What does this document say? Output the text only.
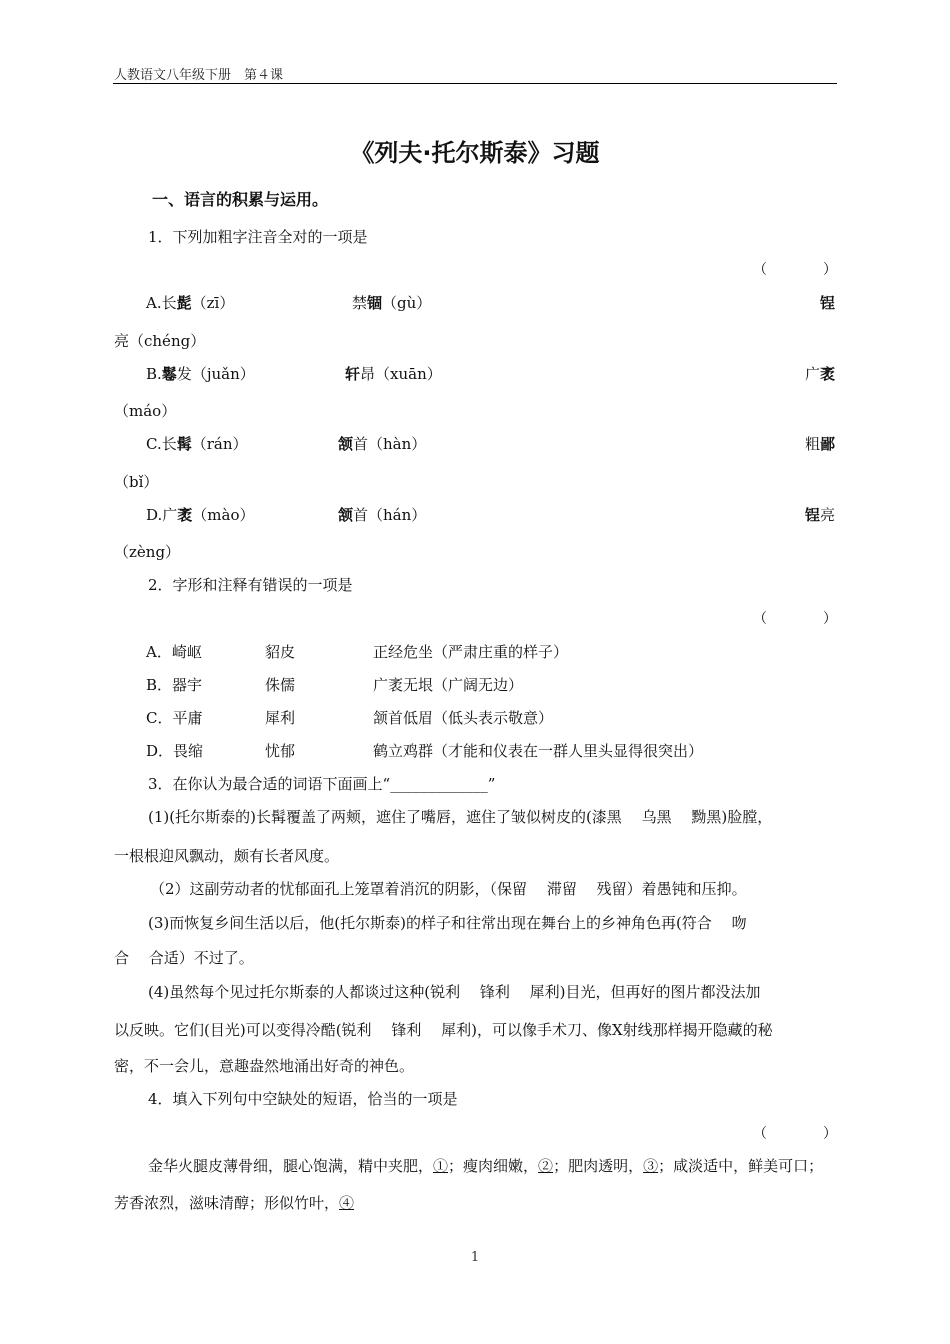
人教语文八年级下册　第４课
《列夫·托尔斯泰》习题
一、语言的积累与运用。
1．下列加粗字注音全对的一项是
（　　　　）
A.长髭（zī）	禁锢（gù）	锃
亮（chéng）
B.鬈发（juǎn）	轩昂（xuān）	广袤
（máo）
C.长髯（rán）	颔首（hàn）	粗鄙
（bǐ）
D.广袤（mào）	颔首（hán）	锃亮
（zèng）
2．字形和注释有错误的一项是
（　　　　）
A．崎岖	貂皮	正经危坐（严肃庄重的样子）
B．器宇	侏儒	广袤无垠（广阔无边）
C．平庸	犀利	颔首低眉（低头表示敬意）
D．畏缩	忧郁	鹤立鸡群（才能和仪表在一群人里头显得很突出）
3．在你认为最合适的词语下面画上“_____________”
(1)(托尔斯泰的)长髯覆盖了两颊，遮住了嘴唇，遮住了皱似树皮的(漆黑　 乌黑　 黝黑)脸膛，
一根根迎风飘动，颇有长者风度。
（2）这副劳动者的忧郁面孔上笼罩着消沉的阴影，（保留　 滞留　 残留）着愚钝和压抑。
(3)而恢复乡间生活以后，他(托尔斯泰)的样子和往常出现在舞台上的乡神角色再(符合　 吻
合　 合适）不过了。
(4)虽然每个见过托尔斯泰的人都谈过这种(锐利　 锋利　 犀利)目光，但再好的图片都没法加
以反映。它们(目光)可以变得冷酷(锐利　 锋利　 犀利)，可以像手术刀、像X射线那样揭开隐藏的秘
密，不一会儿，意趣盎然地涌出好奇的神色。
4．填入下列句中空缺处的短语，恰当的一项是
（　　　　）
金华火腿皮薄骨细，腿心饱满，精中夹肥，①；瘦肉细嫩，②；肥肉透明，③；咸淡适中，鲜美可口；
芳香浓烈，滋味清醇；形似竹叶，④
1
